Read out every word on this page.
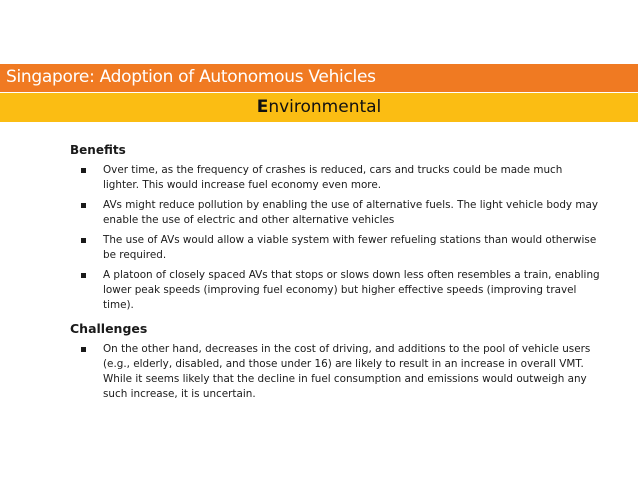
Singapore: Adoption of Autonomous Vehicles
Environmental
Benefits
Over time, as the frequency of crashes is reduced, cars and trucks could be made much lighter. This would increase fuel economy even more.
AVs might reduce pollution by enabling the use of alternative fuels. The light vehicle body may enable the use of electric and other alternative vehicles
The use of AVs would allow a viable system with fewer refueling stations than would otherwise be required.
A platoon of closely spaced AVs that stops or slows down less often resembles a train, enabling lower peak speeds (improving fuel economy) but higher effective speeds (improving travel time).
Challenges
On the other hand, decreases in the cost of driving, and additions to the pool of vehicle users (e.g., elderly, disabled, and those under 16) are likely to result in an increase in overall VMT. While it seems likely that the decline in fuel consumption and emissions would outweigh any such increase, it is uncertain.
